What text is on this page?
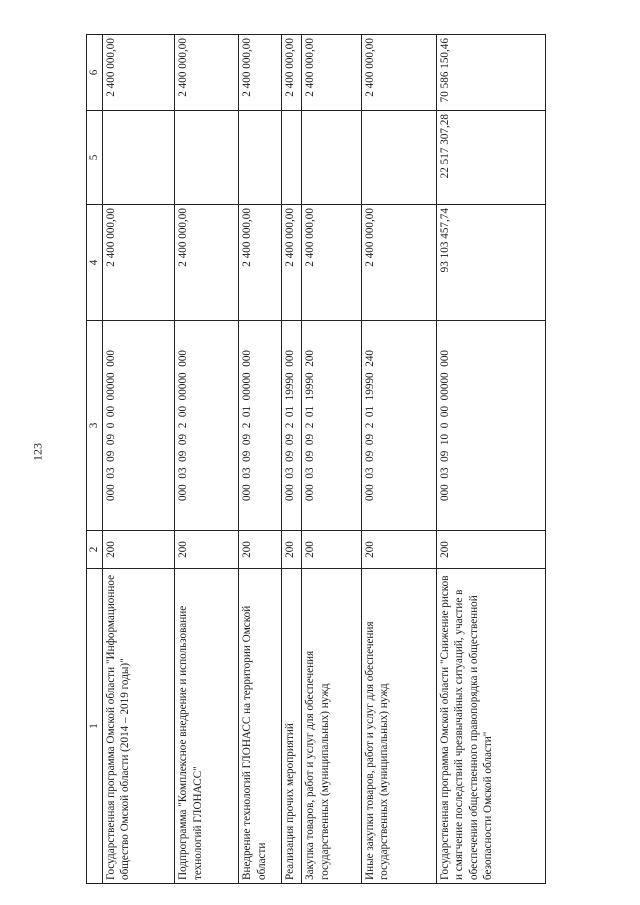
123
1	2	3	4	5	6
Государственная программа Омской области "Информационное общество Омской области (2014 – 2019 годы)"	200	000  03  09  09  0  00  00000  000	2 400 000,00		2 400 000,00
Подпрограмма "Комплексное внедрение и использование технологий ГЛОНАСС"	200	000  03  09  09  2  00  00000  000	2 400 000,00		2 400 000,00
Внедрение технологий ГЛОНАСС на территории Омской области	200	000  03  09  09  2  01  00000  000	2 400 000,00		2 400 000,00
Реализация прочих мероприятий	200	000  03  09  09  2  01  19990  000	2 400 000,00		2 400 000,00
Закупка товаров, работ и услуг для обеспечения государственных (муниципальных) нужд	200	000  03  09  09  2  01  19990  200	2 400 000,00		2 400 000,00
Иные закупки товаров, работ и услуг для обеспечения государственных (муниципальных) нужд	200	000  03  09  09  2  01  19990  240	2 400 000,00		2 400 000,00
Государственная программа Омской области "Снижение рисков и смягчение последствий чрезвычайных ситуаций, участие в обеспечении общественного правопорядка и общественной безопасности Омской области"	200	000  03  09  10  0  00  00000  000	93 103 457,74	22 517 307,28	70 586 150,46
